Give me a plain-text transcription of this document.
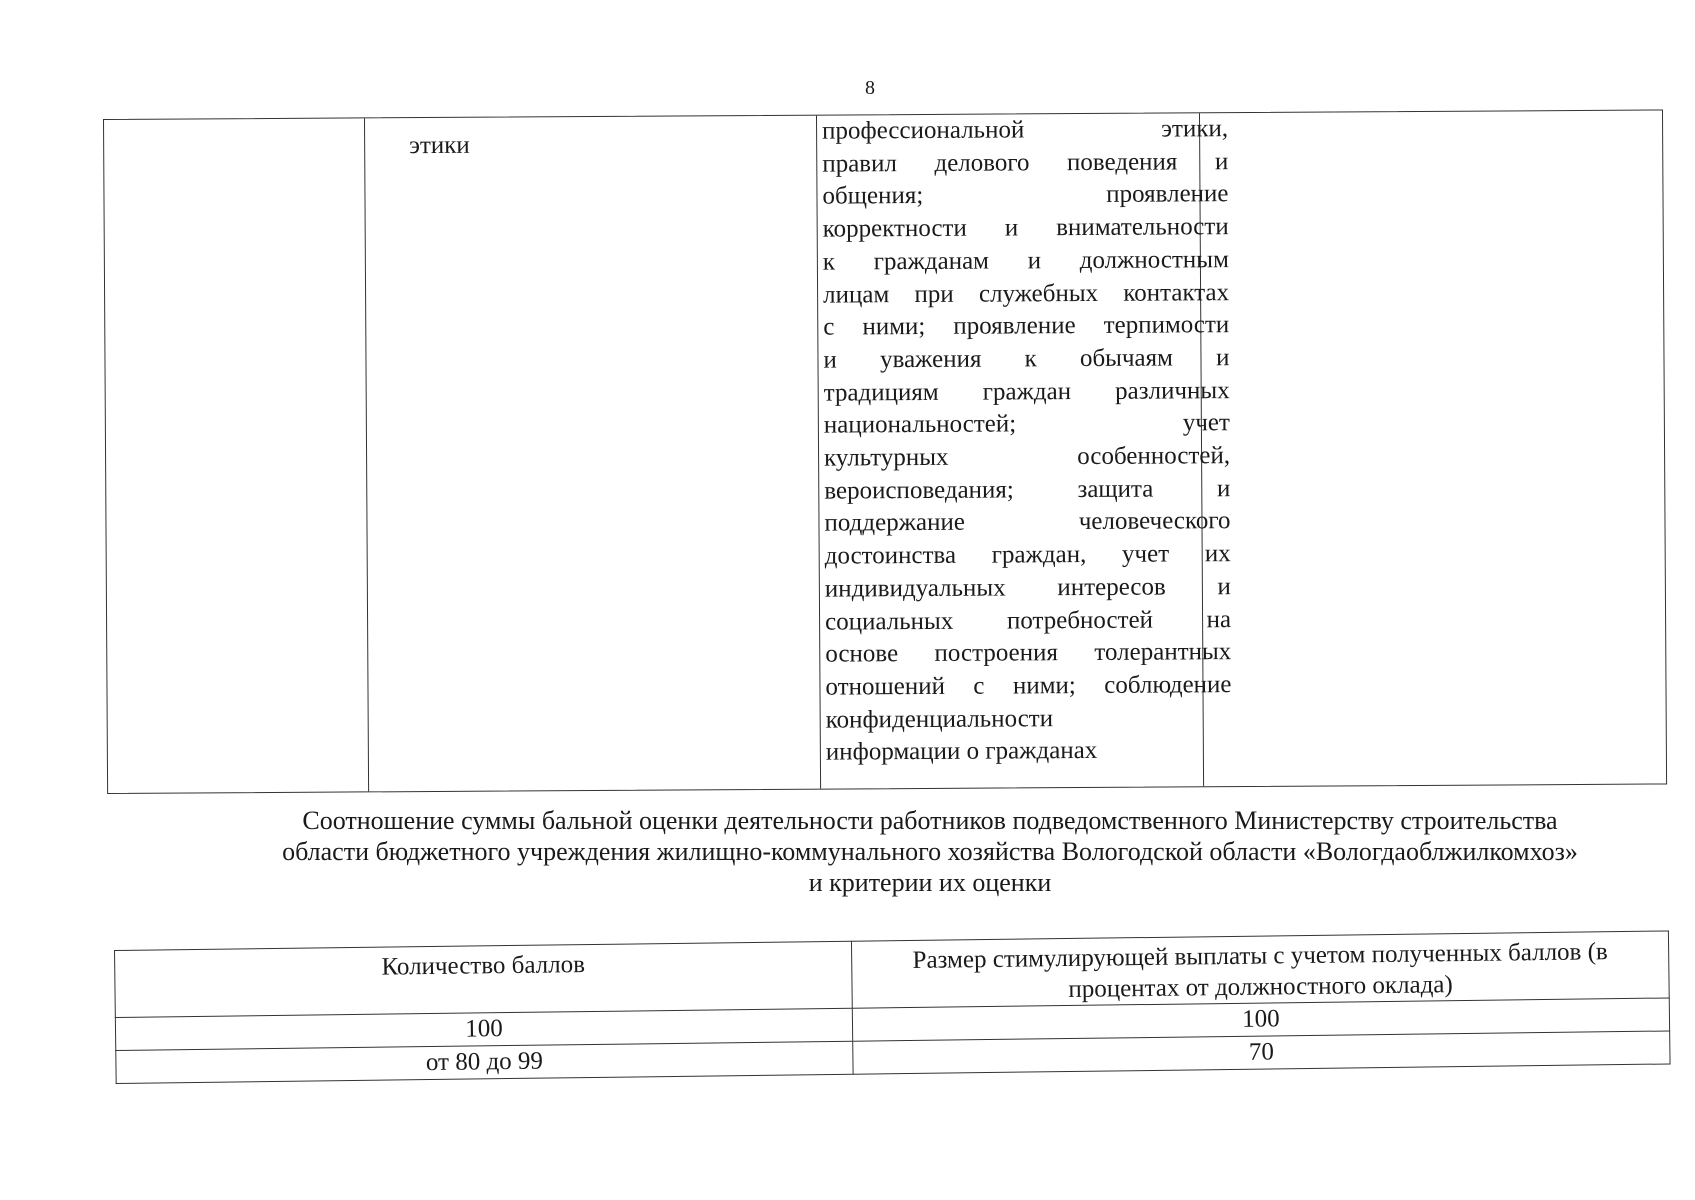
8
этики
профессиональной этики,
правил делового поведения и
общения; проявление
корректности и внимательности
к гражданам и должностным
лицам при служебных контактах
с ними; проявление терпимости
и уважения к обычаям и
традициям граждан различных
национальностей; учет
культурных особенностей,
вероисповедания; защита и
поддержание человеческого
достоинства граждан, учет их
индивидуальных интересов и
социальных потребностей на
основе построения толерантных
отношений с ними; соблюдение
конфиденциальности
информации о гражданах
Соотношение суммы бальной оценки деятельности работников подведомственного Министерству строительства
области бюджетного учреждения жилищно-коммунального хозяйства Вологодской области «Вологдаоблжилкомхоз»
и критерии их оценки
Количество баллов	Размер стимулирующей выплаты с учетом полученных баллов (в процентах от должностного оклада)
100	100
от 80 до 99	70
